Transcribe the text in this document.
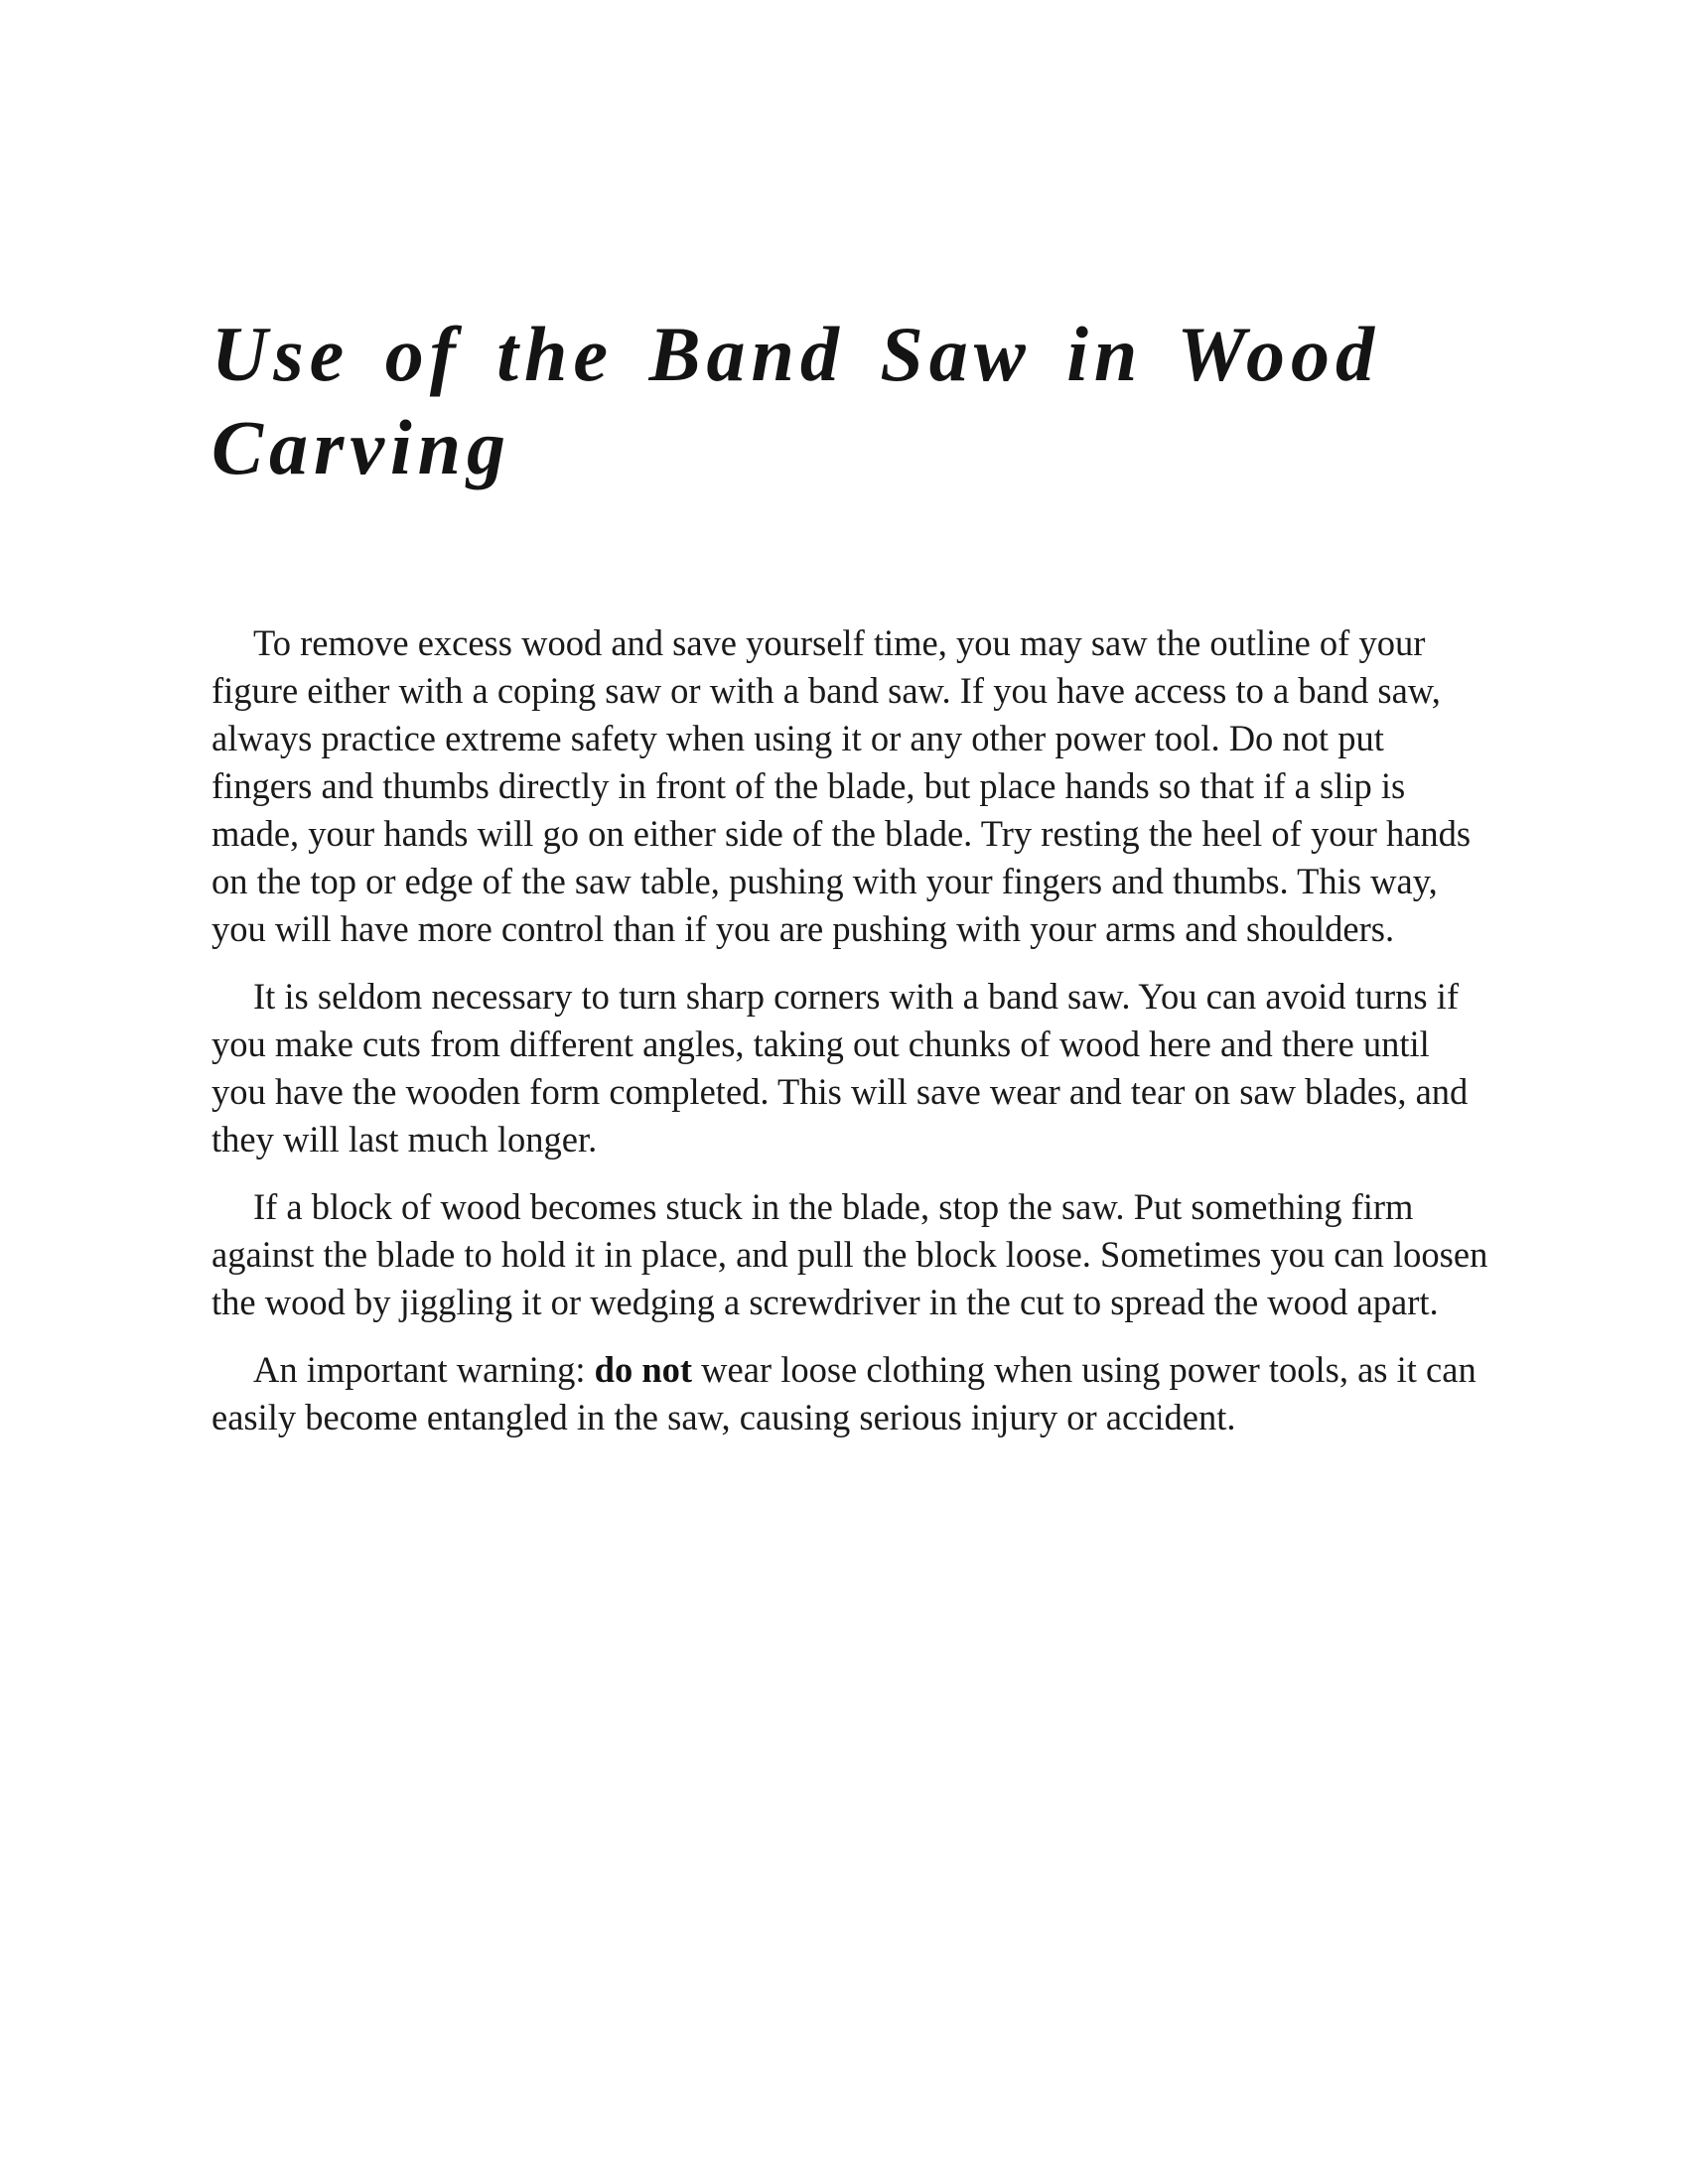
Use of the Band Saw in Wood Carving

To remove excess wood and save yourself time, you may saw the outline of your figure either with a coping saw or with a band saw. If you have access to a band saw, always practice extreme safety when using it or any other power tool. Do not put fingers and thumbs directly in front of the blade, but place hands so that if a slip is made, your hands will go on either side of the blade. Try resting the heel of your hands on the top or edge of the saw table, pushing with your fingers and thumbs. This way, you will have more control than if you are pushing with your arms and shoulders.

It is seldom necessary to turn sharp corners with a band saw. You can avoid turns if you make cuts from different angles, taking out chunks of wood here and there until you have the wooden form completed. This will save wear and tear on saw blades, and they will last much longer.

If a block of wood becomes stuck in the blade, stop the saw. Put something firm against the blade to hold it in place, and pull the block loose. Sometimes you can loosen the wood by jiggling it or wedging a screwdriver in the cut to spread the wood apart.

An important warning: do not wear loose clothing when using power tools, as it can easily become entangled in the saw, causing serious injury or accident.
